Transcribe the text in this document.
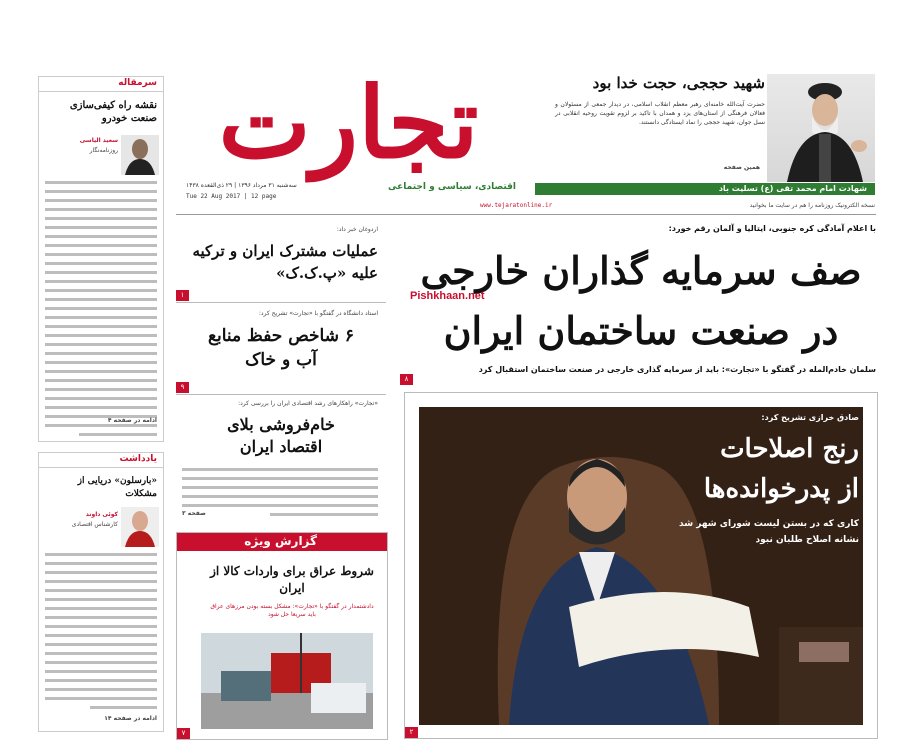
تجارت
اقتصادی، سیاسی و اجتماعی
سه‌شنبه ۳۱ مرداد ۱۳۹۶ | ۲۹ ذی‌القعده ۱۴۳۸
Tue 22 Aug 2017 | 12 page
شهادت امام محمد تقی (ع) تسلیت باد
نسخه الکترونیک روزنامه را هم در سایت ما بخوانید
www.tejaratonline.ir
شهید حججی، حجت خدا بود
حضرت آیت‌الله خامنه‌ای رهبر معظم انقلاب اسلامی، در دیدار جمعی از مسئولان و فعالان فرهنگی از استان‌های یزد و همدان با تاکید بر لزوم تقویت روحیه انقلابی در نسل جوان، شهید حججی را نماد ایستادگی دانستند.
همین صفحه
سرمقاله
نقشه راه کیفی‌سازی صنعت خودرو
سعید الیاسی
روزنامه‌نگار
ادامه در صفحه ۴
یادداشت
«بارسلون» دریایی از مشکلات
کوئی داوند
کارشناس اقتصادی
ادامه در صفحه ۱۴
اردوغان خبر داد:
عملیات مشترک ایران و ترکیه علیه «پ.ک.ک»
۱
استاد دانشگاه در گفتگو با «تجارت» تشریح کرد:
۶ شاخص حفظ منابع آب و خاک
۹
«تجارت» راهکارهای رشد اقتصادی ایران را بررسی کرد:
خام‌فروشی بلای اقتصاد ایران
صفحه ۳
گزارش ویژه
شروط عراق برای واردات کالا از ایران
دادشتمدار در گفتگو با «تجارت»: مشکل بسته بودن مرزهای عراق باید سریعا حل شود
۷
با اعلام آمادگی کره جنوبی، ایتالیا و آلمان رقم خورد:
صف سرمایه گذاران خارجی
در صنعت ساختمان ایران
Pishkhaan.net
سلمان خادم‌المله در گفتگو با «تجارت»: باید از سرمایه گذاری خارجی در صنعت ساختمان استقبال کرد
۸
صادق خرازی تشریح کرد:
رنج اصلاحات
از پدرخوانده‌ها
کاری که در بستن لیست شورای شهر شد
نشانه اصلاح طلبان نبود
۲
